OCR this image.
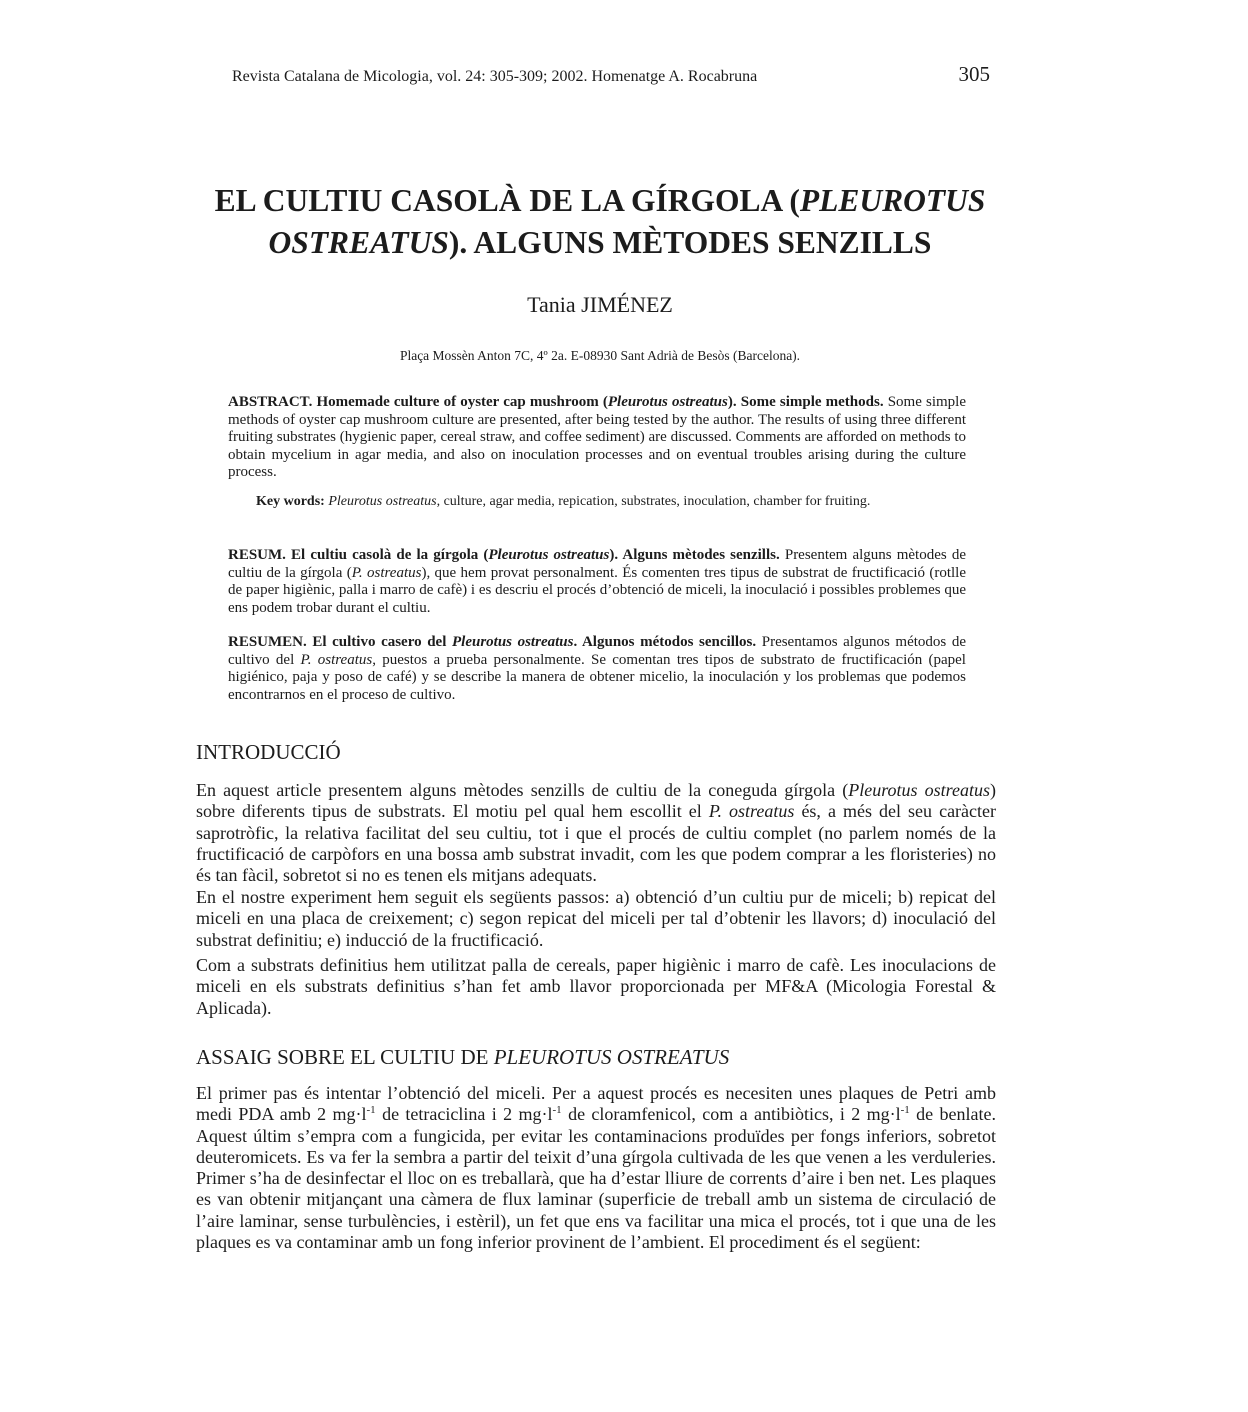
Revista Catalana de Micologia, vol. 24: 305-309; 2002. Homenatge A. Rocabruna	305
EL CULTIU CASOLÀ DE LA GÍRGOLA (PLEUROTUS
OSTREATUS). ALGUNS MÈTODES SENZILLS
Tania JIMÉNEZ
Plaça Mossèn Anton 7C, 4º 2a. E-08930 Sant Adrià de Besòs (Barcelona).

ABSTRACT. Homemade culture of oyster cap mushroom (Pleurotus ostreatus). Some simple methods. Some simple methods of oyster cap mushroom culture are presented, after being tested by the author. The results of using three different fruiting substrates (hygienic paper, cereal straw, and coffee sediment) are discussed. Comments are afforded on methods to obtain mycelium in agar media, and also on inoculation processes and on eventual troubles arising during the culture process.

Key words: Pleurotus ostreatus, culture, agar media, repication, substrates, inoculation, chamber for fruiting.

RESUM. El cultiu casolà de la gírgola (Pleurotus ostreatus). Alguns mètodes senzills. Presentem alguns mètodes de cultiu de la gírgola (P. ostreatus), que hem provat personalment. És comenten tres tipus de substrat de fructificació (rotlle de paper higiènic, palla i marro de cafè) i es descriu el procés d’obtenció de miceli, la inoculació i possibles problemes que ens podem trobar durant el cultiu.

RESUMEN. El cultivo casero del Pleurotus ostreatus. Algunos métodos sencillos. Presentamos algunos métodos de cultivo del P. ostreatus, puestos a prueba personalmente. Se comentan tres tipos de substrato de fructificación (papel higiénico, paja y poso de café) y se describe la manera de obtener micelio, la inoculación y los problemas que podemos encontrarnos en el proceso de cultivo.

INTRODUCCIÓ

En aquest article presentem alguns mètodes senzills de cultiu de la coneguda gírgola (Pleurotus ostreatus) sobre diferents tipus de substrats. El motiu pel qual hem escollit el P. ostreatus és, a més del seu caràcter saprotròfic, la relativa facilitat del seu cultiu, tot i que el procés de cultiu complet (no parlem només de la fructificació de carpòfors en una bossa amb substrat invadit, com les que podem comprar a les floristeries) no és tan fàcil, sobretot si no es tenen els mitjans adequats.

En el nostre experiment hem seguit els següents passos: a) obtenció d’un cultiu pur de miceli; b) repicat del miceli en una placa de creixement; c) segon repicat del miceli per tal d’obtenir les llavors; d) inoculació del substrat definitiu; e) inducció de la fructificació.

Com a substrats definitius hem utilitzat palla de cereals, paper higiènic i marro de cafè. Les inoculacions de miceli en els substrats definitius s’han fet amb llavor proporcionada per MF&A (Micologia Forestal & Aplicada).

ASSAIG SOBRE EL CULTIU DE PLEUROTUS OSTREATUS

El primer pas és intentar l’obtenció del miceli. Per a aquest procés es necesiten unes plaques de Petri amb medi PDA amb 2 $mg\cdot l^{-1}$ de tetraciclina i 2 $mg\cdot l^{-1}$ de cloramfenicol, com a antibiòtics, i 2 $mg\cdot l^{-1}$ de benlate. Aquest últim s’empra com a fungicida, per evitar les contaminacions produïdes per fongs inferiors, sobretot deuteromicets. Es va fer la sembra a partir del teixit d’una gírgola cultivada de les que venen a les verduleries. Primer s’ha de desinfectar el lloc on es treballarà, que ha d’estar lliure de corrents d’aire i ben net. Les plaques es van obtenir mitjançant una càmera de flux laminar (superficie de treball amb un sistema de circulació de l’aire laminar, sense turbulències, i estèril), un fet que ens va facilitar una mica el procés, tot i que una de les plaques es va contaminar amb un fong inferior provinent de l’ambient. El procediment és el següent:
